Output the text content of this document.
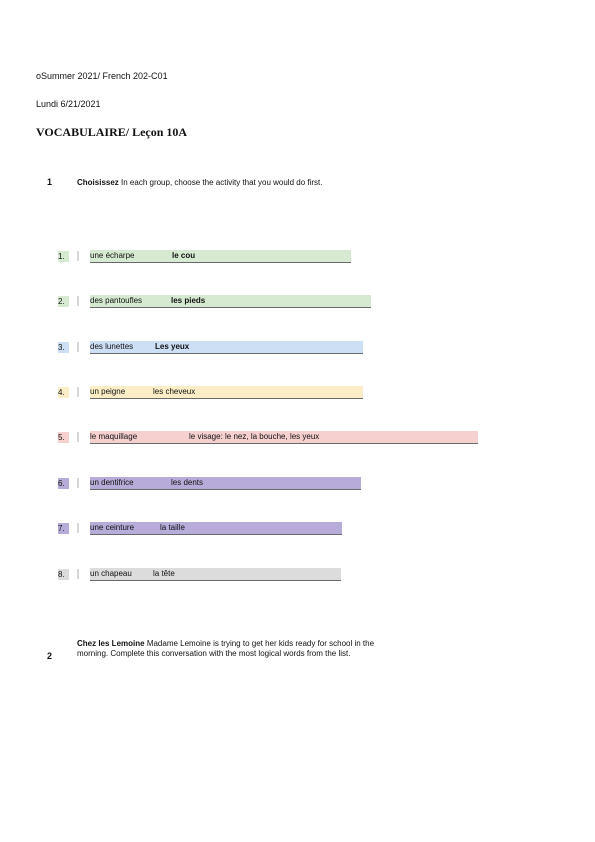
oSummer 2021/ French 202-C01
Lundi 6/21/2021
VOCABULAIRE/ Leçon 10A
1	Choisissez In each group, choose the activity that you would do first.
1.	une écharpe	le cou
2.	des pantoufles	les pieds
3.	des lunettes	Les yeux
4.	un peigne	les cheveux
5.	le maquillage	le visage: le nez, la bouche, les yeux
6.	un dentifrice	les dents
7.	une ceinture	la taille
8.	un chapeau	la tête
2
Chez les Lemoine Madame Lemoine is trying to get her kids ready for school in the
morning. Complete this conversation with the most logical words from the list.
